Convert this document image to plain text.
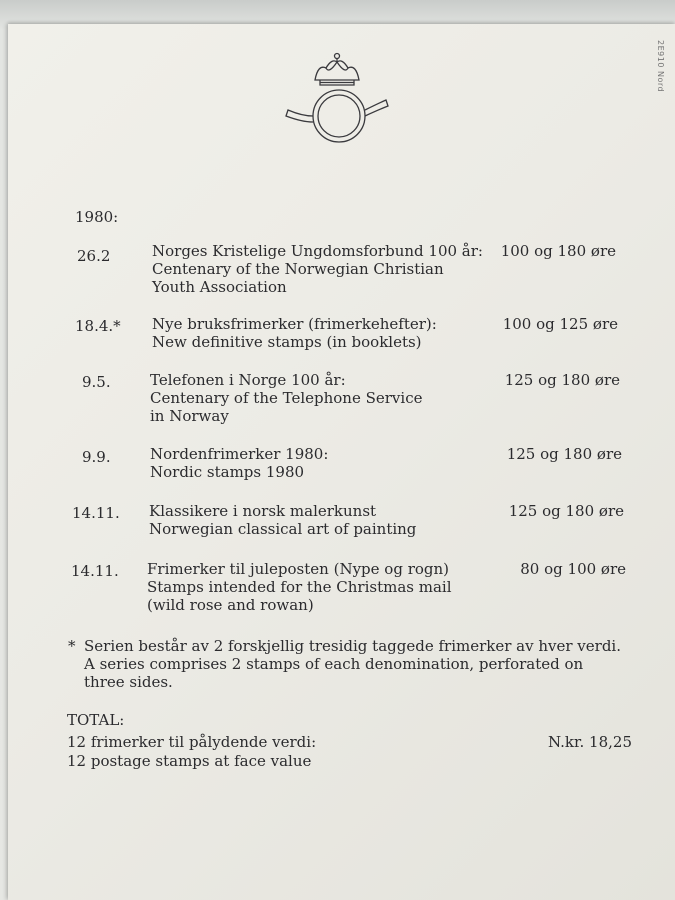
2E910 Nord
1980:
26.2	Norges Kristelige Ungdomsforbund 100 år:
Centenary of the Norwegian Christian
Youth Association
100 og 180 øre
18.4.*	Nye bruksfrimerker (frimerkehefter):
New definitive stamps (in booklets)
100 og 125 øre
9.5.	Telefonen i Norge 100 år:
Centenary of the Telephone Service
in Norway
125 og 180 øre
9.9.	Nordenfrimerker 1980:
Nordic stamps 1980
125 og 180 øre
14.11.	Klassikere i norsk malerkunst
Norwegian classical art of painting
125 og 180 øre
14.11.	Frimerker til juleposten (Nype og rogn)
Stamps intended for the Christmas mail
(wild rose and rowan)
80 og 100 øre
* Serien består av 2 forskjellig tresidig taggede frimerker av hver verdi.
A series comprises 2 stamps of each denomination, perforated on
three sides.
TOTAL:
12 frimerker til pålydende verdi:
12 postage stamps at face value
N.kr. 18,25
